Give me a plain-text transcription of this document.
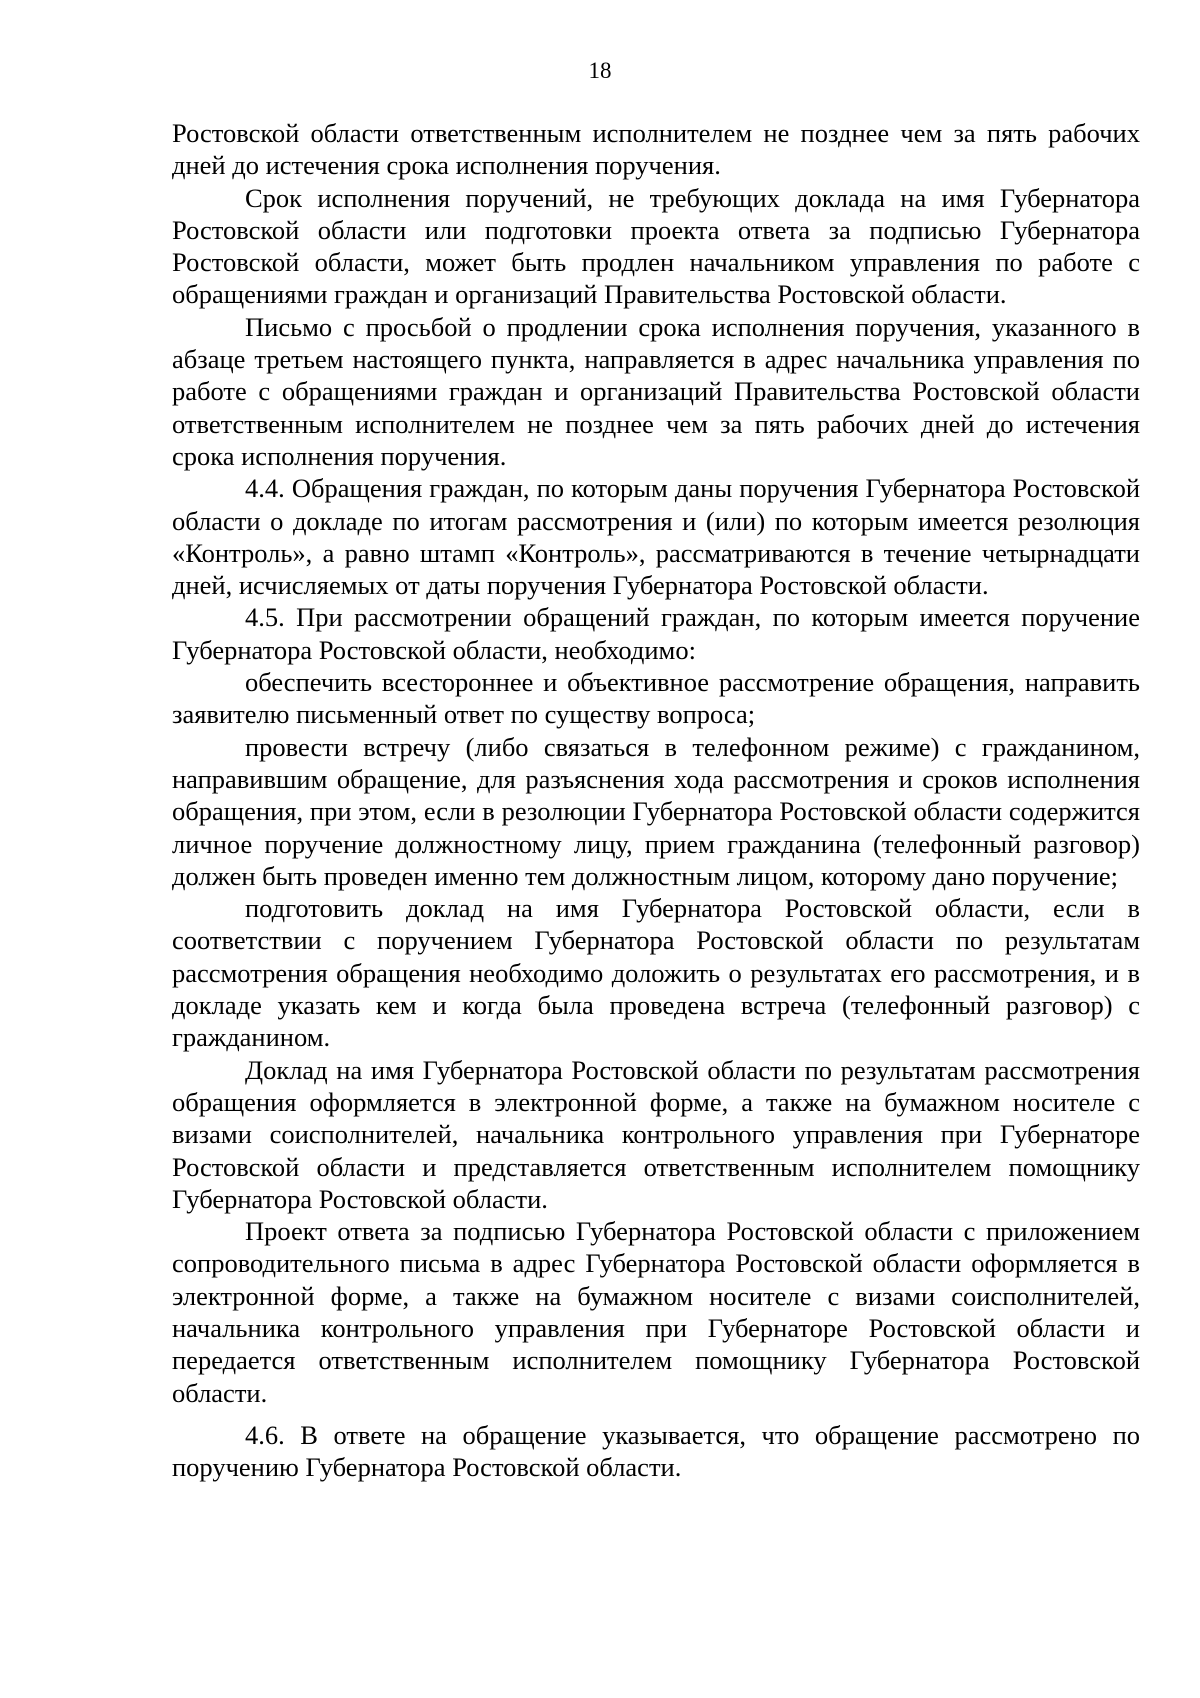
18

Ростовской области ответственным исполнителем не позднее чем за пять рабочих дней до истечения срока исполнения поручения.

Срок исполнения поручений, не требующих доклада на имя Губернатора Ростовской области или подготовки проекта ответа за подписью Губернатора Ростовской области, может быть продлен начальником управления по работе с обращениями граждан и организаций Правительства Ростовской области.

Письмо с просьбой о продлении срока исполнения поручения, указанного в абзаце третьем настоящего пункта, направляется в адрес начальника управления по работе с обращениями граждан и организаций Правительства Ростовской области ответственным исполнителем не позднее чем за пять рабочих дней до истечения срока исполнения поручения.

4.4. Обращения граждан, по которым даны поручения Губернатора Ростовской области о докладе по итогам рассмотрения и (или) по которым имеется резолюция «Контроль», а равно штамп «Контроль», рассматриваются в течение четырнадцати дней, исчисляемых от даты поручения Губернатора Ростовской области.

4.5. При рассмотрении обращений граждан, по которым имеется поручение Губернатора Ростовской области, необходимо:

обеспечить всестороннее и объективное рассмотрение обращения, направить заявителю письменный ответ по существу вопроса;

провести встречу (либо связаться в телефонном режиме) с гражданином, направившим обращение, для разъяснения хода рассмотрения и сроков исполнения обращения, при этом, если в резолюции Губернатора Ростовской области содержится личное поручение должностному лицу, прием гражданина (телефонный разговор) должен быть проведен именно тем должностным лицом, которому дано поручение;

подготовить доклад на имя Губернатора Ростовской области, если в соответствии с поручением Губернатора Ростовской области по результатам рассмотрения обращения необходимо доложить о результатах его рассмотрения, и в докладе указать кем и когда была проведена встреча (телефонный разговор) с гражданином.

Доклад на имя Губернатора Ростовской области по результатам рассмотрения обращения оформляется в электронной форме, а также на бумажном носителе с визами соисполнителей, начальника контрольного управления при Губернаторе Ростовской области и представляется ответственным исполнителем помощнику Губернатора Ростовской области.

Проект ответа за подписью Губернатора Ростовской области с приложением сопроводительного письма в адрес Губернатора Ростовской области оформляется в электронной форме, а также на бумажном носителе с визами соисполнителей, начальника контрольного управления при Губернаторе Ростовской области и передается ответственным исполнителем помощнику Губернатора Ростовской области.

4.6. В ответе на обращение указывается, что обращение рассмотрено по поручению Губернатора Ростовской области.
